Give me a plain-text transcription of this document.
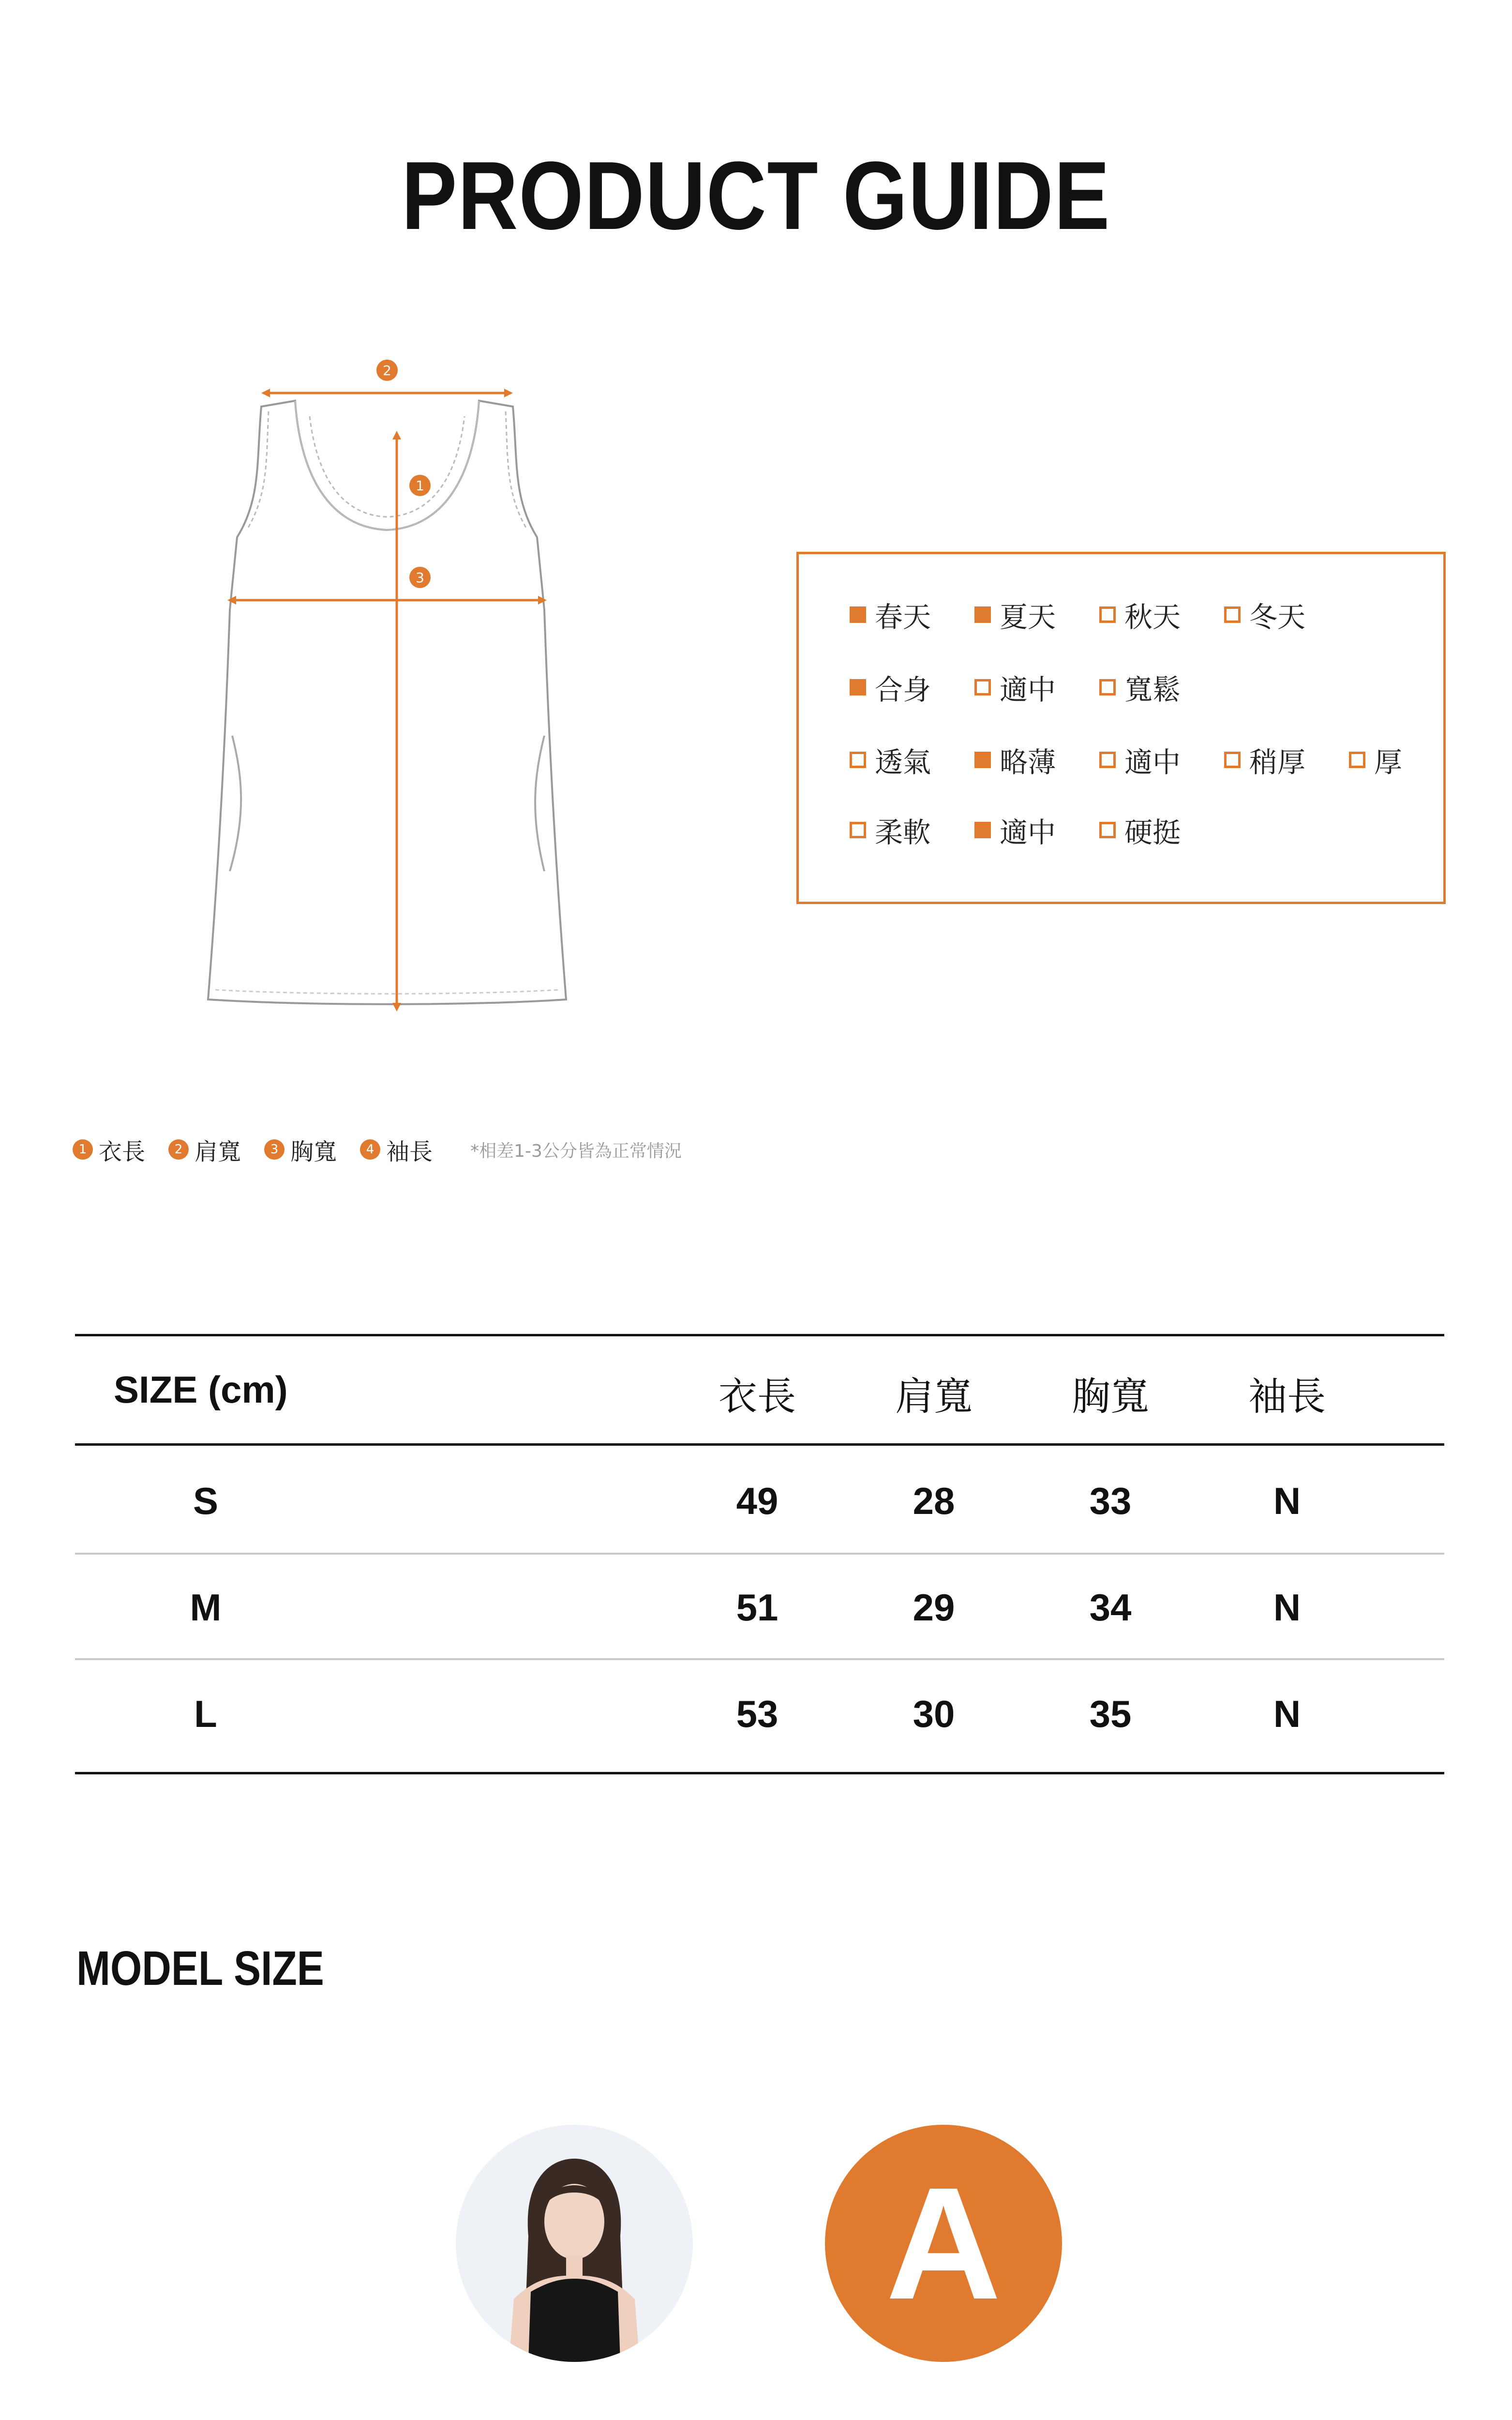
PRODUCT GUIDE
2
1
3
春天 夏天 秋天 冬天
合身 適中 寬鬆
透氣 略薄 適中 稍厚 厚
柔軟 適中 硬挺
1 衣長	2 肩寬	3 胸寬	4 袖長 *相差1-3公分皆為正常情況
SIZE (cm)	衣長	肩寬	胸寬	袖長
S	49	28	33	N
M	51	29	34	N
L	53	30	35	N
MODEL SIZE
A
